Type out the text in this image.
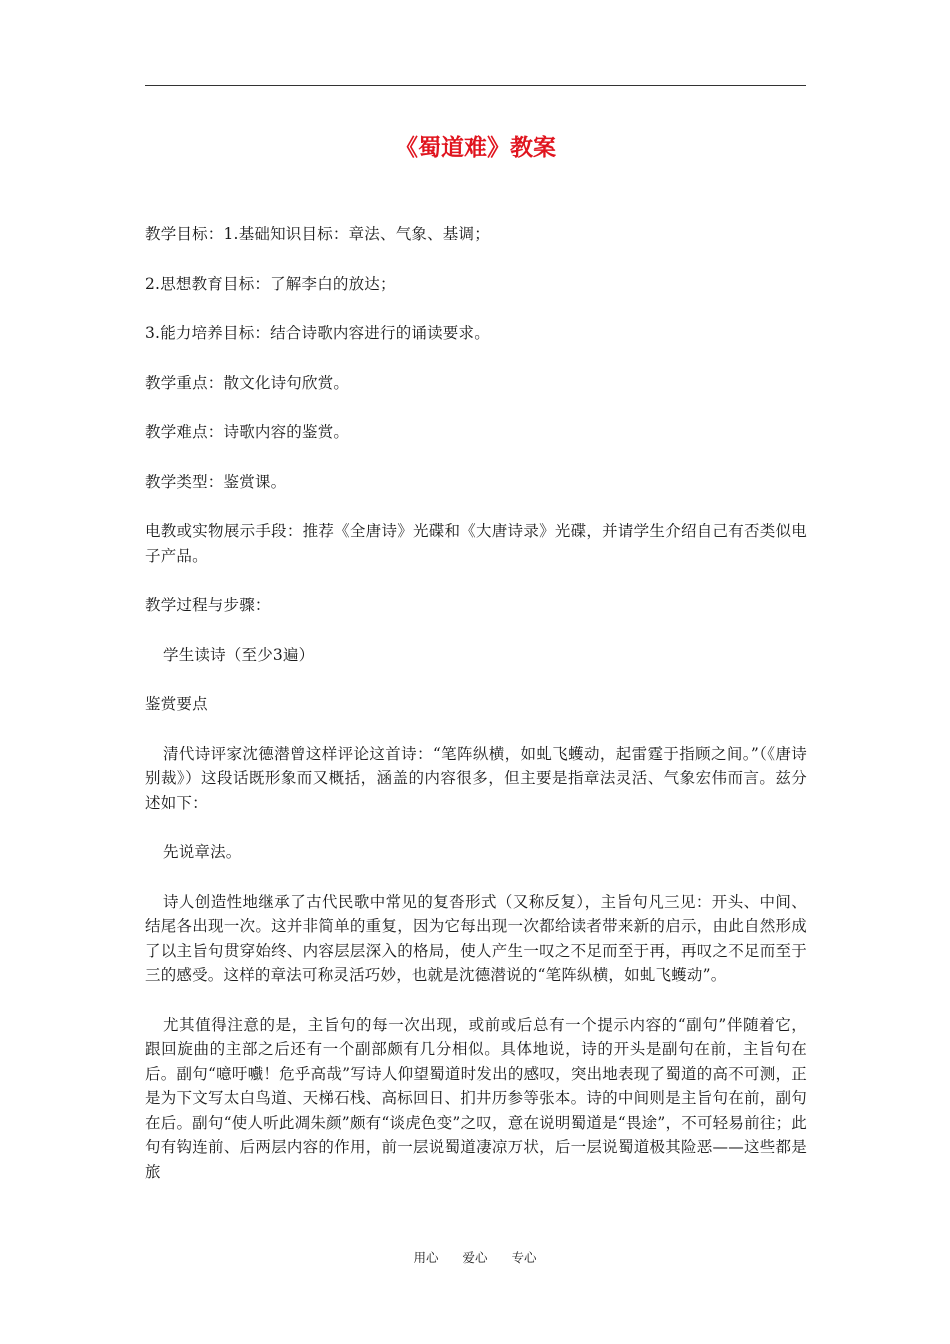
《蜀道难》教案

教学目标：1.基础知识目标：章法、气象、基调；

2.思想教育目标：了解李白的放达；

3.能力培养目标：结合诗歌内容进行的诵读要求。

教学重点：散文化诗句欣赏。

教学难点：诗歌内容的鉴赏。

教学类型：鉴赏课。

电教或实物展示手段：推荐《全唐诗》光碟和《大唐诗录》光碟，并请学生介绍自己有否类似电子产品。

教学过程与步骤：

学生读诗（至少3遍）

鉴赏要点

清代诗评家沈德潜曾这样评论这首诗：“笔阵纵横，如虬飞蠖动，起雷霆于指顾之间。”（《唐诗别裁》）这段话既形象而又概括，涵盖的内容很多，但主要是指章法灵活、气象宏伟而言。兹分述如下：

先说章法。

诗人创造性地继承了古代民歌中常见的复沓形式（又称反复），主旨句凡三见：开头、中间、结尾各出现一次。这并非简单的重复，因为它每出现一次都给读者带来新的启示，由此自然形成了以主旨句贯穿始终、内容层层深入的格局，使人产生一叹之不足而至于再，再叹之不足而至于三的感受。这样的章法可称灵活巧妙，也就是沈德潜说的“笔阵纵横，如虬飞蠖动”。

尤其值得注意的是，主旨句的每一次出现，或前或后总有一个提示内容的“副句”伴随着它，跟回旋曲的主部之后还有一个副部颇有几分相似。具体地说，诗的开头是副句在前，主旨句在后。副句“噫吁嚱！危乎高哉”写诗人仰望蜀道时发出的感叹，突出地表现了蜀道的高不可测，正是为下文写太白鸟道、天梯石栈、高标回日、扪井历参等张本。诗的中间则是主旨句在前，副句在后。副句“使人听此凋朱颜”颇有“谈虎色变”之叹，意在说明蜀道是“畏途”，不可轻易前往；此句有钩连前、后两层内容的作用，前一层说蜀道凄凉万状，后一层说蜀道极其险恶——这些都是旅

用心  爱心  专心
